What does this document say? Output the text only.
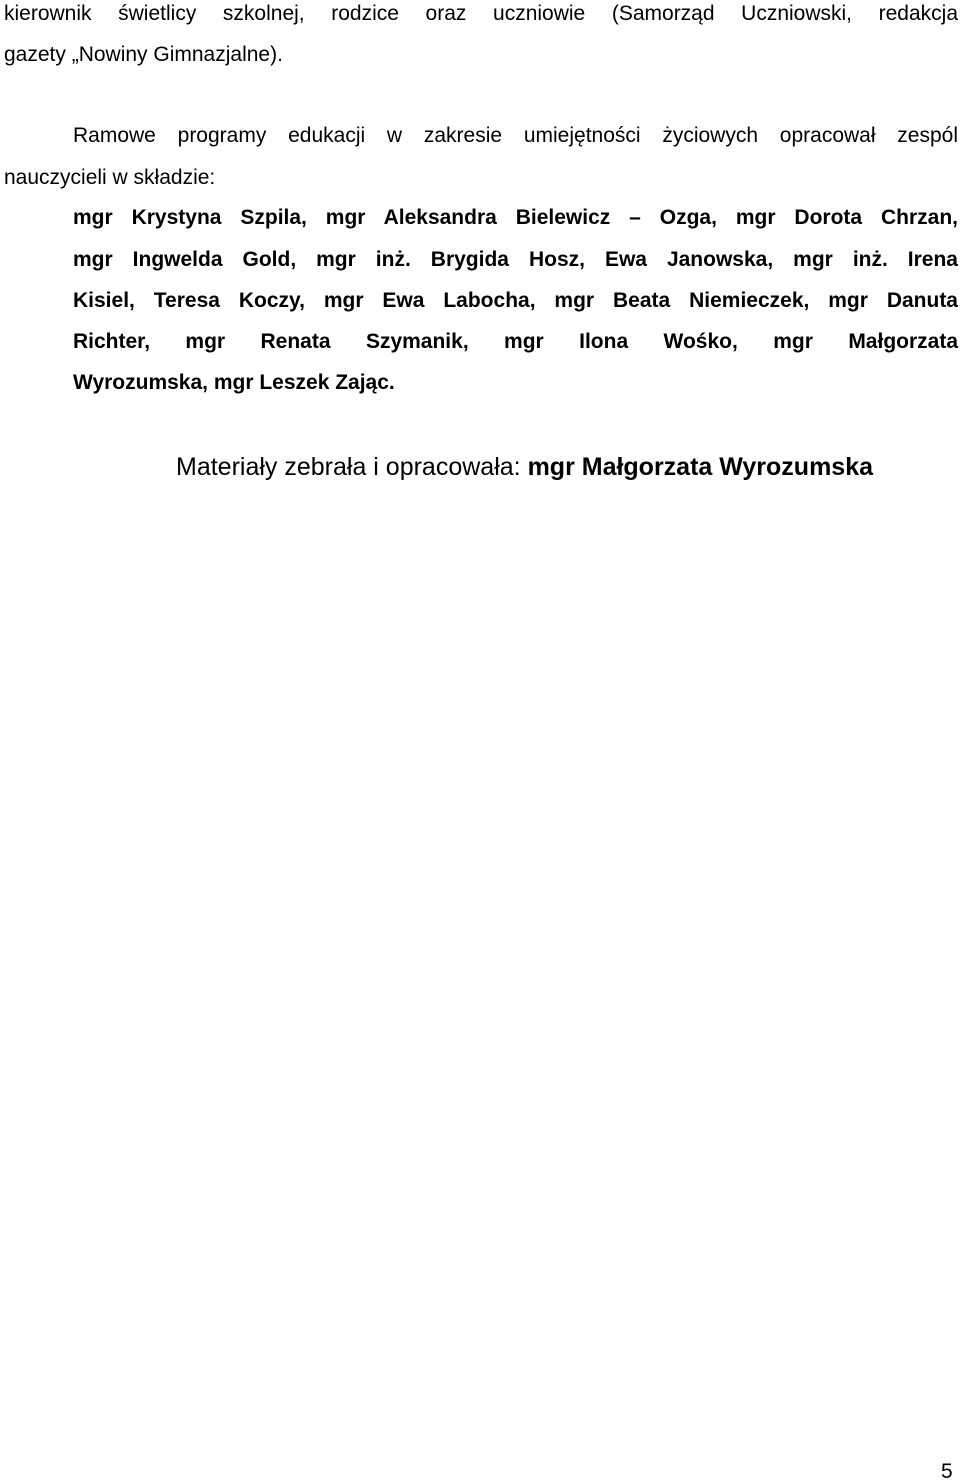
kierownik świetlicy szkolnej, rodzice oraz uczniowie (Samorząd Uczniowski, redakcja
gazety „Nowiny Gimnazjalne).
Ramowe programy edukacji w zakresie umiejętności życiowych opracował zespól
nauczycieli w składzie:
mgr Krystyna Szpila, mgr Aleksandra Bielewicz – Ozga, mgr Dorota Chrzan,
mgr Ingwelda Gold, mgr inż. Brygida Hosz, Ewa Janowska, mgr inż. Irena
Kisiel, Teresa Koczy, mgr Ewa Labocha, mgr Beata Niemieczek, mgr Danuta
Richter, mgr Renata Szymanik, mgr Ilona Wośko, mgr Małgorzata
Wyrozumska, mgr Leszek Zając.
Materiały zebrała i opracowała: mgr Małgorzata Wyrozumska
5
